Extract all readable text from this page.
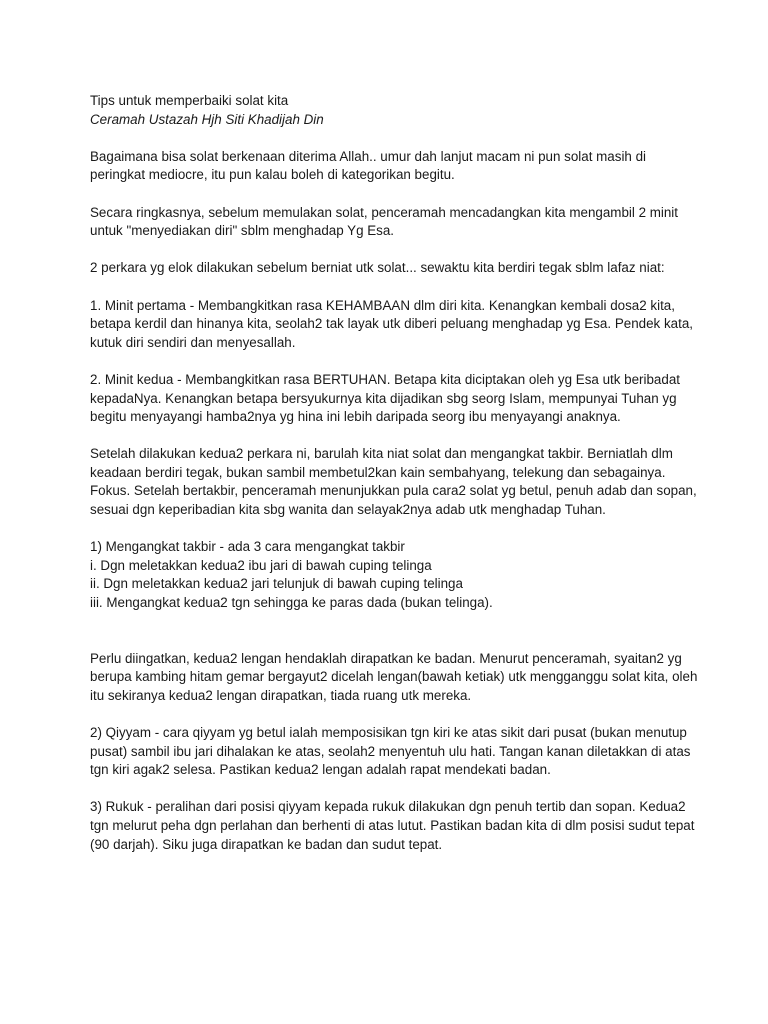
Tips untuk memperbaiki solat kita

Ceramah Ustazah Hjh Siti Khadijah Din

Bagaimana bisa solat berkenaan diterima Allah.. umur dah lanjut macam ni pun solat masih di peringkat mediocre, itu pun kalau boleh di kategorikan begitu.

Secara ringkasnya, sebelum memulakan solat, penceramah mencadangkan kita mengambil 2 minit untuk "menyediakan diri" sblm menghadap Yg Esa.

2 perkara yg elok dilakukan sebelum berniat utk solat... sewaktu kita berdiri tegak sblm lafaz niat:

1. Minit pertama - Membangkitkan rasa KEHAMBAAN dlm diri kita. Kenangkan kembali dosa2 kita, betapa kerdil dan hinanya kita, seolah2 tak layak utk diberi peluang menghadap yg Esa. Pendek kata, kutuk diri sendiri dan menyesallah.

2. Minit kedua - Membangkitkan rasa BERTUHAN. Betapa kita diciptakan oleh yg Esa utk beribadat kepadaNya. Kenangkan betapa bersyukurnya kita dijadikan sbg seorg Islam, mempunyai Tuhan yg begitu menyayangi hamba2nya yg hina ini lebih daripada seorg ibu menyayangi anaknya.

Setelah dilakukan kedua2 perkara ni, barulah kita niat solat dan mengangkat takbir. Berniatlah dlm keadaan berdiri tegak, bukan sambil membetul2kan kain sembahyang, telekung dan sebagainya. Fokus. Setelah bertakbir, penceramah menunjukkan pula cara2 solat yg betul, penuh adab dan sopan, sesuai dgn keperibadian kita sbg wanita dan selayak2nya adab utk menghadap Tuhan.

1) Mengangkat takbir - ada 3 cara mengangkat takbir

i. Dgn meletakkan kedua2 ibu jari di bawah cuping telinga

ii. Dgn meletakkan kedua2 jari telunjuk di bawah cuping telinga

iii. Mengangkat kedua2 tgn sehingga ke paras dada (bukan telinga).

Perlu diingatkan, kedua2 lengan hendaklah dirapatkan ke badan. Menurut penceramah, syaitan2 yg berupa kambing hitam gemar bergayut2 dicelah lengan(bawah ketiak) utk mengganggu solat kita, oleh itu sekiranya kedua2 lengan dirapatkan, tiada ruang utk mereka.

2) Qiyyam - cara qiyyam yg betul ialah memposisikan tgn kiri ke atas sikit dari pusat (bukan menutup pusat) sambil ibu jari dihalakan ke atas, seolah2 menyentuh ulu hati. Tangan kanan diletakkan di atas tgn kiri agak2 selesa. Pastikan kedua2 lengan adalah rapat mendekati badan.

3) Rukuk - peralihan dari posisi qiyyam kepada rukuk dilakukan dgn penuh tertib dan sopan. Kedua2 tgn melurut peha dgn perlahan dan berhenti di atas lutut. Pastikan badan kita di dlm posisi sudut tepat (90 darjah). Siku juga dirapatkan ke badan dan sudut tepat.
